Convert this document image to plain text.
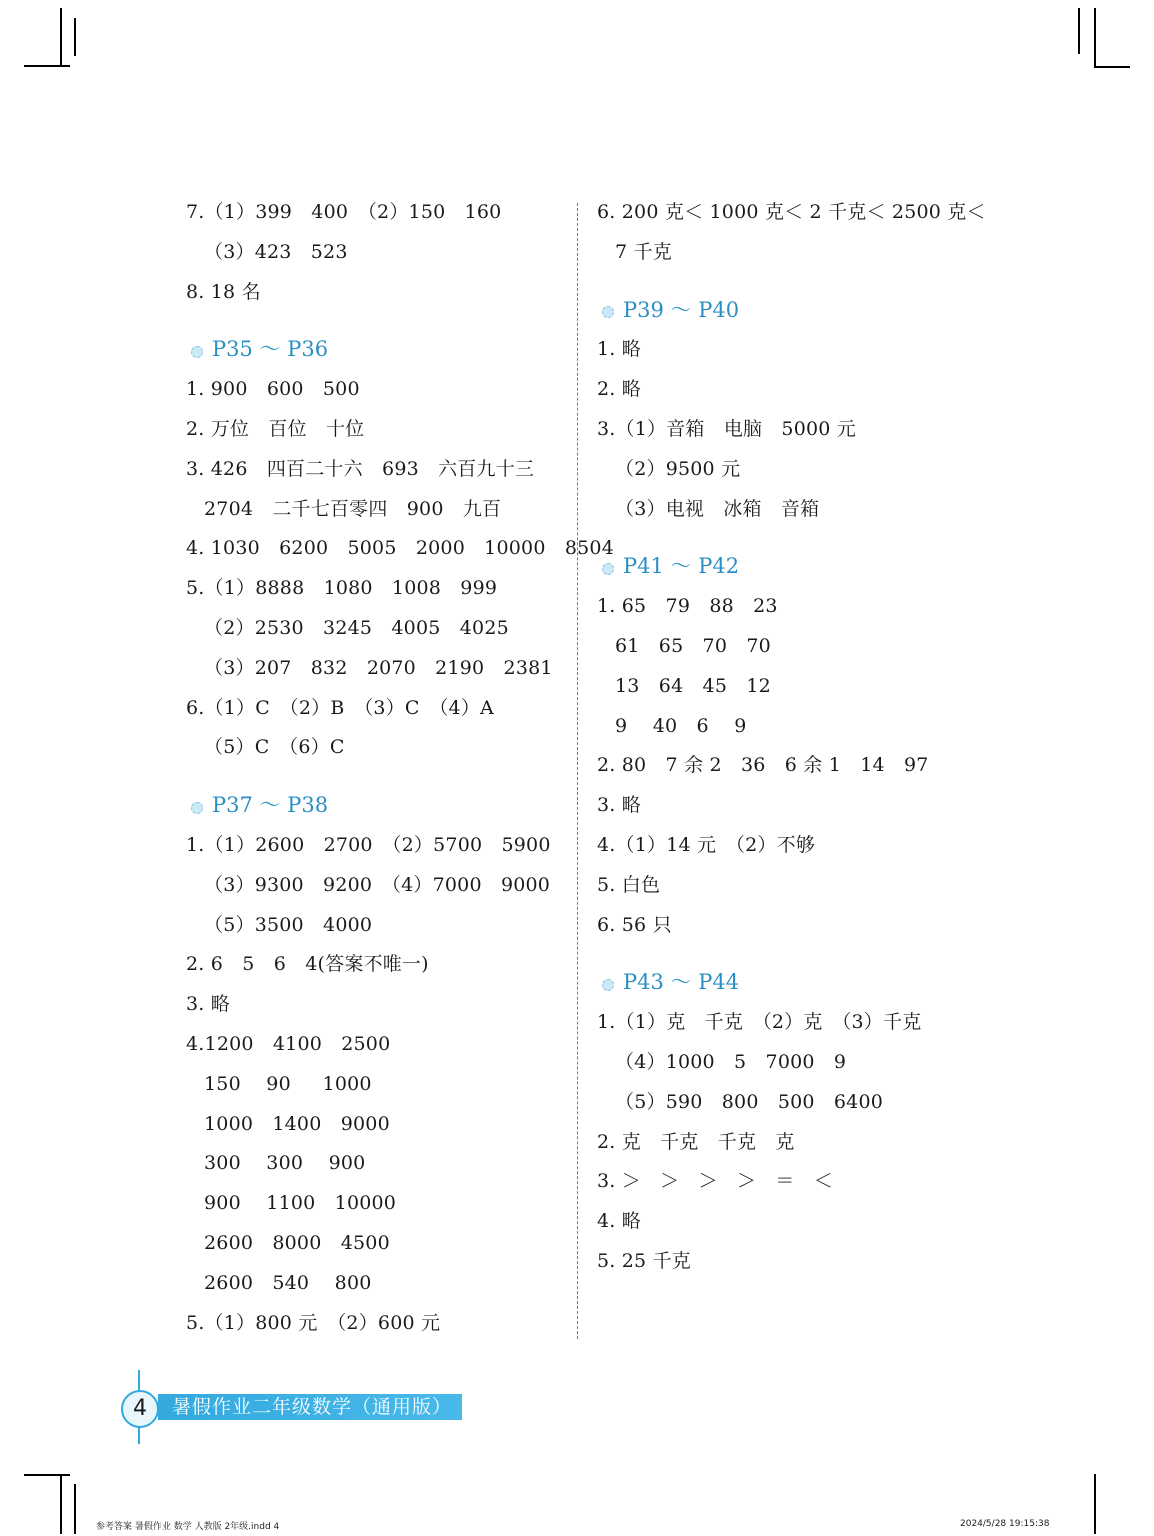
7.（1）399　400　（2）150　160
（3）423　523
8. 18 名
P35 ～ P36
1. 900　600　500
2. 万位　百位　十位
3. 426　四百二十六　693　六百九十三
2704　二千七百零四　900　九百
4. 1030　6200　5005　2000　10000　8504
5.（1）8888　1080　1008　999
（2）2530　3245　4005　4025
（3）207　832　2070　2190　2381
6.（1）C　（2）B　（3）C　（4）A
（5）C　（6）C
P37 ～ P38
1.（1）2600　2700　（2）5700　5900
（3）9300　9200　（4）7000　9000
（5）3500　4000
2. 6　5　6　4(答案不唯一)
3. 略
4.1200　4100　2500
150　 90　  1000
1000　1400　9000
300　 300　 900
900　 1100　10000
2600　8000　4500
2600　540　 800
5.（1）800 元　（2）600 元
6. 200 克＜ 1000 克＜ 2 千克＜ 2500 克＜
7 千克
P39 ～ P40
1. 略
2. 略
3.（1）音箱　电脑　5000 元
（2）9500 元
（3）电视　冰箱　音箱
P41 ～ P42
1. 65　79　88　23
61　65　70　70
13　64　45　12
9　 40　6　 9
2. 80　7 余 2　36　6 余 1　14　97
3. 略
4.（1）14 元　（2）不够
5. 白色
6. 56 只
P43 ～ P44
1.（1）克　千克　（2）克　（3）千克
（4）1000　5　7000　9
（5）590　800　500　6400
2. 克　千克　千克　克
3. ＞　＞　＞　＞　＝　＜
4. 略
5. 25 千克
4	暑假作业二年级数学（通用版）
参考答案 暑假作业 数学 人教版 2年级.indd 4	2024/5/28 19:15:38
